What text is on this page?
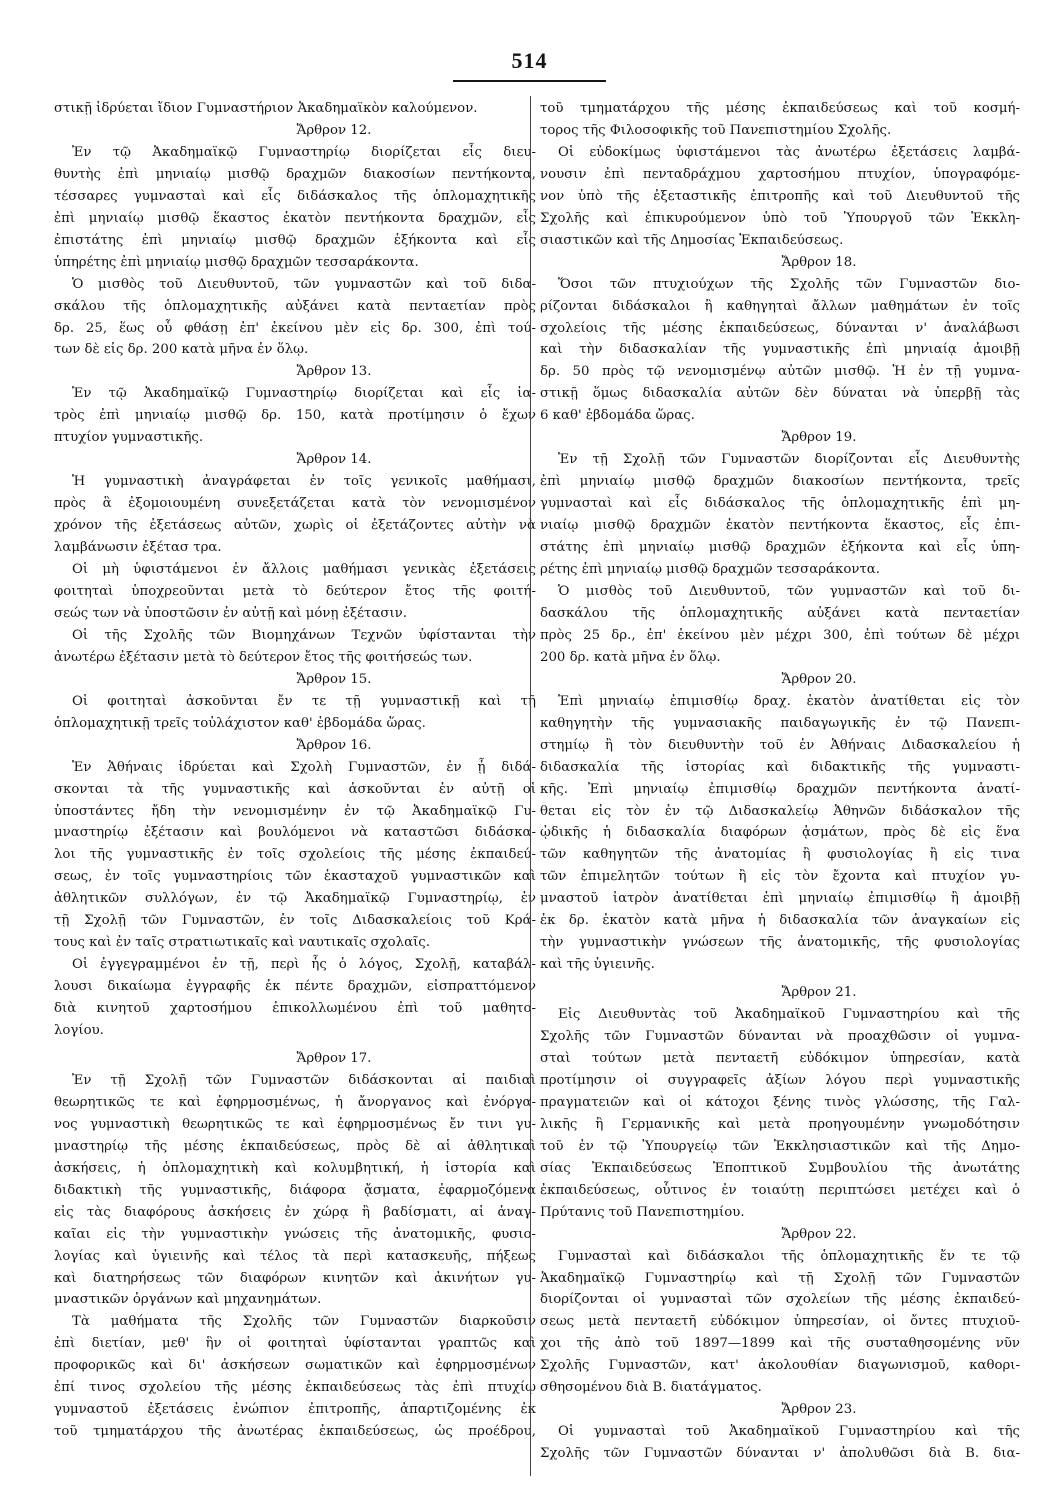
514
στικῇ ἱδρύεται ἴδιον Γυμναστήριον Ἀκαδημαϊκὸν καλούμενον.
Ἄρθρον 12.
Ἐν τῷ Ἀκαδημαϊκῷ Γυμναστηρίῳ διορίζεται εἷς διευ-
θυντὴς ἐπὶ μηνιαίῳ μισθῷ δραχμῶν διακοσίων πεντήκοντα,
τέσσαρες γυμνασταὶ καὶ εἷς διδάσκαλος τῆς ὁπλομαχητικῆς
ἐπὶ μηνιαίῳ μισθῷ ἕκαστος ἑκατὸν πεντήκοντα δραχμῶν, εἷς
ἐπιστάτης ἐπὶ μηνιαίῳ μισθῷ δραχμῶν ἑξήκοντα καὶ εἷς
ὑπηρέτης ἐπὶ μηνιαίῳ μισθῷ δραχμῶν τεσσαράκοντα.
Ὁ μισθὸς τοῦ Διευθυντοῦ, τῶν γυμναστῶν καὶ τοῦ διδα-
σκάλου τῆς ὁπλομαχητικῆς αὐξάνει κατὰ πενταετίαν πρὸς
δρ. 25, ἕως οὗ φθάσῃ ἐπ' ἐκείνου μὲν εἰς δρ. 300, ἐπὶ τού-
των δὲ εἰς δρ. 200 κατὰ μῆνα ἐν ὅλῳ.
Ἄρθρον 13.
Ἐν τῷ Ἀκαδημαϊκῷ Γυμναστηρίῳ διορίζεται καὶ εἷς ἰα-
τρὸς ἐπὶ μηνιαίῳ μισθῷ δρ. 150, κατὰ προτίμησιν ὁ ἔχων
πτυχίον γυμναστικῆς.
Ἄρθρον 14.
Ἡ γυμναστικὴ ἀναγράφεται ἐν τοῖς γενικοῖς μαθήμασι,
πρὸς ἃ ἐξομοιουμένη συνεξετάζεται κατὰ τὸν νενομισμένον
χρόνον τῆς ἐξετάσεως αὐτῶν, χωρὶς οἱ ἐξετάζοντες αὐτὴν νὰ
λαμβάνωσιν ἐξέτασ τρα.
Οἱ μὴ ὑφιστάμενοι ἐν ἄλλοις μαθήμασι γενικὰς ἐξετάσεις
φοιτηταὶ ὑποχρεοῦνται μετὰ τὸ δεύτερον ἔτος τῆς φοιτή-
σεώς των νὰ ὑποστῶσιν ἐν αὐτῇ καὶ μόνῃ ἐξέτασιν.
Οἱ τῆς Σχολῆς τῶν Βιομηχάνων Τεχνῶν ὑφίστανται τὴν
ἀνωτέρω ἐξέτασιν μετὰ τὸ δεύτερον ἔτος τῆς φοιτήσεώς των.
Ἄρθρον 15.
Οἱ φοιτηταὶ ἀσκοῦνται ἔν τε τῇ γυμναστικῇ καὶ τῇ
ὁπλομαχητικῇ τρεῖς τοὐλάχιστον καθ' ἑβδομάδα ὥρας.
Ἄρθρον 16.
Ἐν Ἀθήναις ἱδρύεται καὶ Σχολὴ Γυμναστῶν, ἐν ᾗ διδά-
σκονται τὰ τῆς γυμναστικῆς καὶ ἀσκοῦνται ἐν αὐτῇ οἱ
ὑποστάντες ἤδη τὴν νενομισμένην ἐν τῷ Ἀκαδημαϊκῷ Γυ-
μναστηρίῳ ἐξέτασιν καὶ βουλόμενοι νὰ καταστῶσι διδάσκα-
λοι τῆς γυμναστικῆς ἐν τοῖς σχολείοις τῆς μέσης ἐκπαιδεύ-
σεως, ἐν τοῖς γυμναστηρίοις τῶν ἑκασταχοῦ γυμναστικῶν καὶ
ἀθλητικῶν συλλόγων, ἐν τῷ Ἀκαδημαϊκῷ Γυμναστηρίῳ, ἐν
τῇ Σχολῇ τῶν Γυμναστῶν, ἐν τοῖς Διδασκαλείοις τοῦ Κρά-
τους καὶ ἐν ταῖς στρατιωτικαῖς καὶ ναυτικαῖς σχολαῖς.
Οἱ ἐγγεγραμμένοι ἐν τῇ, περὶ ἧς ὁ λόγος, Σχολῇ, καταβάλ-
λουσι δικαίωμα ἐγγραφῆς ἐκ πέντε δραχμῶν, εἰσπραττόμενον
διὰ κινητοῦ χαρτοσήμου ἐπικολλωμένου ἐπὶ τοῦ μαθητο-
λογίου.
Ἄρθρον 17.
Ἐν τῇ Σχολῇ τῶν Γυμναστῶν διδάσκονται αἱ παιδιαὶ
θεωρητικῶς τε καὶ ἐφηρμοσμένως, ἡ ἄνοργανος καὶ ἐνόργα-
νος γυμναστικὴ θεωρητικῶς τε καὶ ἐφηρμοσμένως ἔν τινι γυ-
μναστηρίῳ τῆς μέσης ἐκπαιδεύσεως, πρὸς δὲ αἱ ἀθλητικαὶ
ἀσκήσεις, ἡ ὁπλομαχητικὴ καὶ κολυμβητική, ἡ ἱστορία καὶ
διδακτικὴ τῆς γυμναστικῆς, διάφορα ᾄσματα, ἐφαρμοζόμενα
εἰς τὰς διαφόρους ἀσκήσεις ἐν χώρᾳ ἢ βαδίσματι, αἱ ἀναγ-
καῖαι εἰς τὴν γυμναστικὴν γνώσεις τῆς ἀνατομικῆς, φυσιο-
λογίας καὶ ὑγιεινῆς καὶ τέλος τὰ περὶ κατασκευῆς, πήξεως
καὶ διατηρήσεως τῶν διαφόρων κινητῶν καὶ ἀκινήτων γυ-
μναστικῶν ὀργάνων καὶ μηχανημάτων.
Τὰ μαθήματα τῆς Σχολῆς τῶν Γυμναστῶν διαρκοῦσιν
ἐπὶ διετίαν, μεθ' ἣν οἱ φοιτηταὶ ὑφίστανται γραπτῶς καὶ
προφορικῶς καὶ δι' ἀσκήσεων σωματικῶν καὶ ἐφηρμοσμένων
ἐπί τινος σχολείου τῆς μέσης ἐκπαιδεύσεως τὰς ἐπὶ πτυχίῳ
γυμναστοῦ ἐξετάσεις ἐνώπιον ἐπιτροπῆς, ἀπαρτιζομένης ἐκ
τοῦ τμηματάρχου τῆς ἀνωτέρας ἐκπαιδεύσεως, ὡς προέδρου,
τοῦ τμηματάρχου τῆς μέσης ἐκπαιδεύσεως καὶ τοῦ κοσμή-
τορος τῆς Φιλοσοφικῆς τοῦ Πανεπιστημίου Σχολῆς.
Οἱ εὐδοκίμως ὑφιστάμενοι τὰς ἀνωτέρω ἐξετάσεις λαμβά-
νουσιν ἐπὶ πενταδράχμου χαρτοσήμου πτυχίον, ὑπογραφόμε-
νον ὑπὸ τῆς ἐξεταστικῆς ἐπιτροπῆς καὶ τοῦ Διευθυντοῦ τῆς
Σχολῆς καὶ ἐπικυρούμενον ὑπὸ τοῦ Ὑπουργοῦ τῶν Ἐκκλη-
σιαστικῶν καὶ τῆς Δημοσίας Ἐκπαιδεύσεως.
Ἄρθρον 18.
Ὅσοι τῶν πτυχιούχων τῆς Σχολῆς τῶν Γυμναστῶν διο-
ρίζονται διδάσκαλοι ἢ καθηγηταὶ ἄλλων μαθημάτων ἐν τοῖς
σχολείοις τῆς μέσης ἐκπαιδεύσεως, δύνανται ν' ἀναλάβωσι
καὶ τὴν διδασκαλίαν τῆς γυμναστικῆς ἐπὶ μηνιαίᾳ ἀμοιβῇ
δρ. 50 πρὸς τῷ νενομισμένῳ αὐτῶν μισθῷ. Ἡ ἐν τῇ γυμνα-
στικῇ ὅμως διδασκαλία αὐτῶν δὲν δύναται νὰ ὑπερβῇ τὰς
6 καθ' ἑβδομάδα ὥρας.
Ἄρθρον 19.
Ἐν τῇ Σχολῇ τῶν Γυμναστῶν διορίζονται εἷς Διευθυντὴς
ἐπὶ μηνιαίῳ μισθῷ δραχμῶν διακοσίων πεντήκοντα, τρεῖς
γυμνασταὶ καὶ εἷς διδάσκαλος τῆς ὁπλομαχητικῆς ἐπὶ μη-
νιαίῳ μισθῷ δραχμῶν ἑκατὸν πεντήκοντα ἕκαστος, εἷς ἐπι-
στάτης ἐπὶ μηνιαίῳ μισθῷ δραχμῶν ἑξήκοντα καὶ εἷς ὑπη-
ρέτης ἐπὶ μηνιαίῳ μισθῷ δραχμῶν τεσσαράκοντα.
Ὁ μισθὸς τοῦ Διευθυντοῦ, τῶν γυμναστῶν καὶ τοῦ δι-
δασκάλου τῆς ὁπλομαχητικῆς αὐξάνει κατὰ πενταετίαν
πρὸς 25 δρ., ἐπ' ἐκείνου μὲν μέχρι 300, ἐπὶ τούτων δὲ μέχρι
200 δρ. κατὰ μῆνα ἐν ὅλῳ.
Ἄρθρον 20.
Ἐπὶ μηνιαίῳ ἐπιμισθίῳ δραχ. ἑκατὸν ἀνατίθεται εἰς τὸν
καθηγητὴν τῆς γυμνασιακῆς παιδαγωγικῆς ἐν τῷ Πανεπι-
στημίῳ ἢ τὸν διευθυντὴν τοῦ ἐν Ἀθήναις Διδασκαλείου ἡ
διδασκαλία τῆς ἱστορίας καὶ διδακτικῆς τῆς γυμναστι-
κῆς. Ἐπὶ μηνιαίῳ ἐπιμισθίῳ δραχμῶν πεντήκοντα ἀνατί-
θεται εἰς τὸν ἐν τῷ Διδασκαλείῳ Ἀθηνῶν διδάσκαλον τῆς
ᾠδικῆς ἡ διδασκαλία διαφόρων ᾀσμάτων, πρὸς δὲ εἰς ἕνα
τῶν καθηγητῶν τῆς ἀνατομίας ἢ φυσιολογίας ἢ εἰς τινα
τῶν ἐπιμελητῶν τούτων ἢ εἰς τὸν ἔχοντα καὶ πτυχίον γυ-
μναστοῦ ἰατρὸν ἀνατίθεται ἐπὶ μηνιαίῳ ἐπιμισθίῳ ἢ ἀμοιβῇ
ἐκ δρ. ἑκατὸν κατὰ μῆνα ἡ διδασκαλία τῶν ἀναγκαίων εἰς
τὴν γυμναστικὴν γνώσεων τῆς ἀνατομικῆς, τῆς φυσιολογίας
καὶ τῆς ὑγιεινῆς.
Ἄρθρον 21.
Εἰς Διευθυντὰς τοῦ Ἀκαδημαϊκοῦ Γυμναστηρίου καὶ τῆς
Σχολῆς τῶν Γυμναστῶν δύνανται νὰ προαχθῶσιν οἱ γυμνα-
σταὶ τούτων μετὰ πενταετῆ εὐδόκιμον ὑπηρεσίαν, κατὰ
προτίμησιν οἱ συγγραφεῖς ἀξίων λόγου περὶ γυμναστικῆς
πραγματειῶν καὶ οἱ κάτοχοι ξένης τινὸς γλώσσης, τῆς Γαλ-
λικῆς ἢ Γερμανικῆς καὶ μετὰ προηγουμένην γνωμοδότησιν
τοῦ ἐν τῷ Ὑπουργείῳ τῶν Ἐκκλησιαστικῶν καὶ τῆς Δημο-
σίας Ἐκπαιδεύσεως Ἐποπτικοῦ Συμβουλίου τῆς ἀνωτάτης
ἐκπαιδεύσεως, οὗτινος ἐν τοιαύτῃ περιπτώσει μετέχει καὶ ὁ
Πρύτανις τοῦ Πανεπιστημίου.
Ἄρθρον 22.
Γυμνασταὶ καὶ διδάσκαλοι τῆς ὁπλομαχητικῆς ἔν τε τῷ
Ἀκαδημαϊκῷ Γυμναστηρίῳ καὶ τῇ Σχολῇ τῶν Γυμναστῶν
διορίζονται οἱ γυμνασταὶ τῶν σχολείων τῆς μέσης ἐκπαιδεύ-
σεως μετὰ πενταετῆ εὐδόκιμον ὑπηρεσίαν, οἱ ὄντες πτυχιοῦ-
χοι τῆς ἀπὸ τοῦ 1897—1899 καὶ τῆς συσταθησομένης νῦν
Σχολῆς Γυμναστῶν, κατ' ἀκολουθίαν διαγωνισμοῦ, καθορι-
σθησομένου διὰ Β. διατάγματος.
Ἄρθρον 23.
Οἱ γυμνασταὶ τοῦ Ἀκαδημαϊκοῦ Γυμναστηρίου καὶ τῆς
Σχολῆς τῶν Γυμναστῶν δύνανται ν' ἀπολυθῶσι διὰ Β. δια-
